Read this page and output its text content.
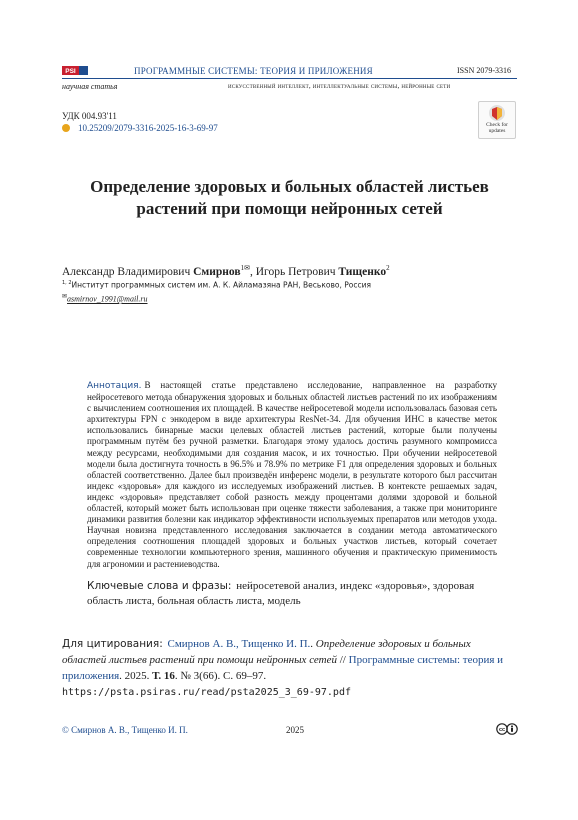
PSI	ПРОГРАММНЫЕ СИСТЕМЫ: ТЕОРИЯ И ПРИЛОЖЕНИЯ	ISSN 2079-3316
научная статья	искусственный интеллект, интеллектуальные системы, нейронные сети
УДК 004.93'11
10.25209/2079-3316-2025-16-3-69-97	Check for
updates
Определение здоровых и больных областей листьев растений при помощи нейронных сетей
Александр Владимирович Смирнов$^{1✉}$, Игорь Петрович Тищенко$^2$
$^{1, 2}$Институт программных систем им. А. К. Айламазяна РАН, Веськово, Россия
✉asmirnov_1991@mail.ru
Аннотация. В настоящей статье представлено исследование, направленное на разработку нейросетевого метода обнаружения здоровых и больных областей листьев растений по их изображениям с вычислением соотношения их площадей. В качестве нейросетевой модели использовалась базовая сеть архитектуры FPN с энкодером в виде архитектуры ResNet-34. Для обучения ИНС в качестве меток использовались бинарные маски целевых областей листьев растений, которые были получены программным путём без ручной разметки. Благодаря этому удалось достичь разумного компромисса между ресурсами, необходимыми для создания масок, и их точностью. При обучении нейросетевой модели была достигнута точность в 96.5% и 78.9% по метрике F1 для определения здоровых и больных областей соответственно. Далее был произведён инференс модели, в результате которого был рассчитан индекс «здоровья» для каждого из исследуемых изображений листьев. В контексте решаемых задач, индекс «здоровья» представляет собой разность между процентами долями здоровой и больной областей, который может быть использован при оценке тяжести заболевания, а также при мониторинге динамики развития болезни как индикатор эффективности используемых препаратов или методов ухода. Научная новизна представленного исследования заключается в создании метода автоматического определения соотношения площадей здоровых и больных участков листьев, который сочетает современные технологии компьютерного зрения, машинного обучения и практическую применимость для агрономии и растениеводства.
Ключевые слова и фразы: нейросетевой анализ, индекс «здоровья», здоровая область листа, больная область листа, модель
Для цитирования: Смирнов А. В., Тищенко И. П.. Определение здоровых и больных областей листьев растений при помощи нейронных сетей // Программные системы: теория и приложения. 2025. Т. 16. № 3(66). С. 69–97.
https://psta.psiras.ru/read/psta2025_3_69-97.pdf
© Смирнов А. В., Тищенко И. П.	2025	cc
